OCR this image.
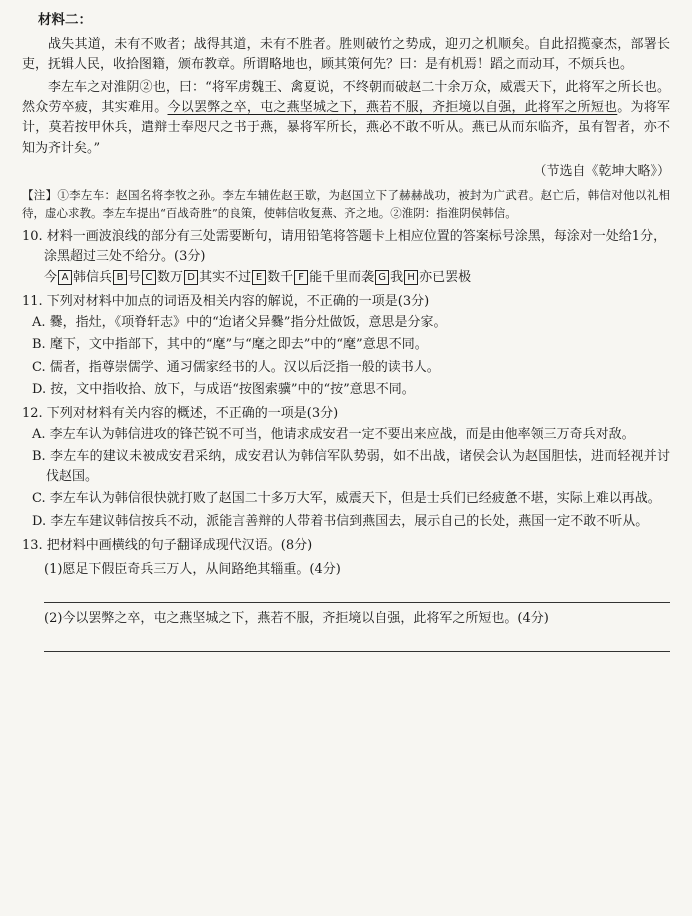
材料二：

战失其道，未有不败者；战得其道，未有不胜者。胜则破竹之势成，迎刃之机顺矣。自此招揽豪杰，部署长吏，抚辑人民，收拾图籍，颁布教章。所谓略地也，顾其策何先？曰：是有机焉！蹈之而动耳，不烦兵也。

李左车之对淮阴②也，曰：“将军虏魏王、禽夏说，不终朝而破赵二十余万众，威震天下，此将军之所长也。然众劳卒疲，其实难用。今以罢弊之卒，屯之燕坚城之下，燕若不服，齐拒境以自强，此将军之所短也。为将军计，莫若按甲休兵，遣辩士奉咫尺之书于燕，暴将军所长，燕必不敢不听从。燕已从而东临齐，虽有智者，亦不知为齐计矣。”

（节选自《乾坤大略》）
【注】①李左车：赵国名将李牧之孙。李左车辅佐赵王歇，为赵国立下了赫赫战功，被封为广武君。赵亡后，韩信对他以礼相待，虚心求教。李左车提出“百战奇胜”的良策，使韩信收复燕、齐之地。②淮阴：指淮阴侯韩信。
10. 材料一画波浪线的部分有三处需要断句，请用铅笔将答题卡上相应位置的答案标号涂黑，每涂对一处给1分，涂黑超过三处不给分。(3分)
今 A 韩信兵 B 号 C 数万 D 其实不过 E 数千 F 能千里而袭 G 我 H 亦已罢极
11. 下列对材料中加点的词语及相关内容的解说，不正确的一项是(3分)
A. 爨，指灶，《项脊轩志》中的“迨诸父异爨”指分灶做饭，意思是分家。
B. 麾下，文中指部下，其中的“麾”与“麾之即去”中的“麾”意思不同。
C. 儒者，指尊崇儒学、通习儒家经书的人。汉以后泛指一般的读书人。
D. 按，文中指收拾、放下，与成语“按图索骥”中的“按”意思不同。
12. 下列对材料有关内容的概述，不正确的一项是(3分)
A. 李左车认为韩信进攻的锋芒锐不可当，他请求成安君一定不要出来应战，而是由他率领三万奇兵对敌。
B. 李左车的建议未被成安君采纳，成安君认为韩信军队势弱，如不出战，诸侯会认为赵国胆怯，进而轻视并讨伐赵国。
C. 李左车认为韩信很快就打败了赵国二十多万大军，威震天下，但是士兵们已经疲惫不堪，实际上难以再战。
D. 李左车建议韩信按兵不动，派能言善辩的人带着书信到燕国去，展示自己的长处，燕国一定不敢不听从。
13. 把材料中画横线的句子翻译成现代汉语。(8分)
(1)愿足下假臣奇兵三万人，从间路绝其辎重。(4分)
(2)今以罢弊之卒，屯之燕坚城之下，燕若不服，齐拒境以自强，此将军之所短也。(4分)
